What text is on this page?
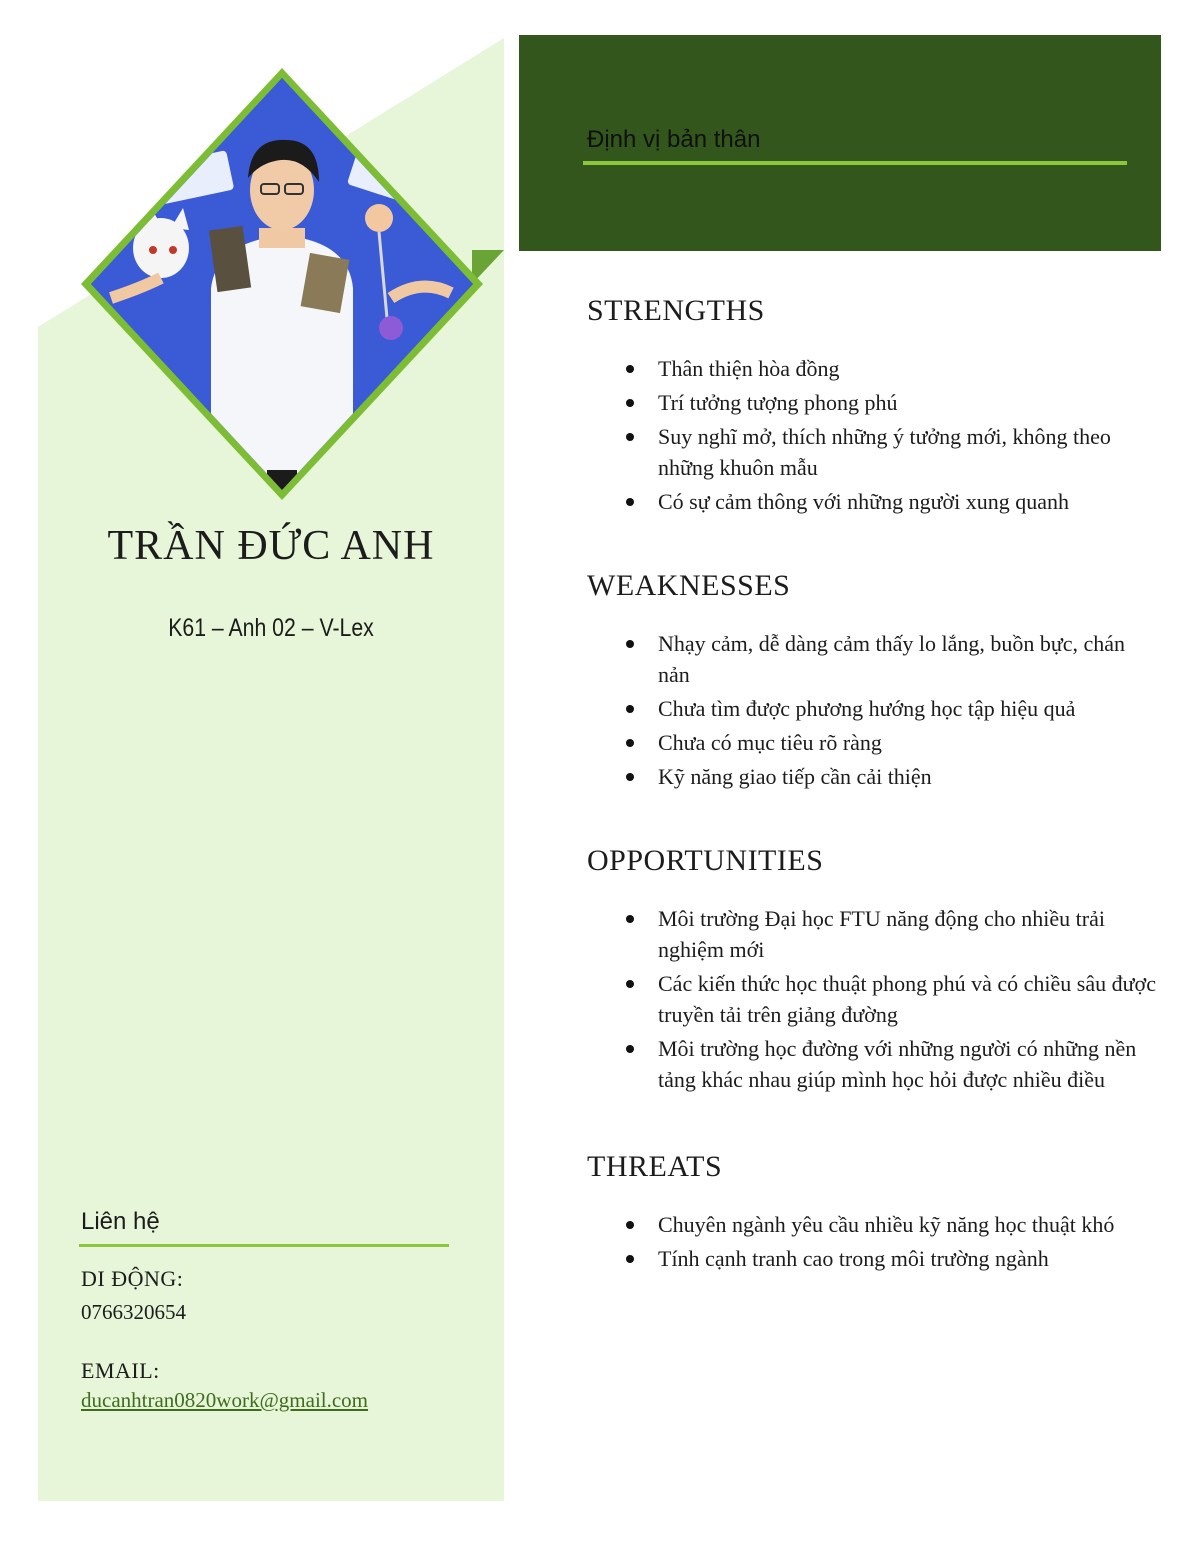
TRẦN ĐỨC ANH
K61 – Anh 02 – V-Lex
Liên hệ
DI ĐỘNG:
0766320654
EMAIL:
ducanhtran0820work@gmail.com
Định vị bản thân
STRENGTHS
Thân thiện hòa đồng
Trí tưởng tượng phong phú
Suy nghĩ mở, thích những ý tưởng mới, không theo những khuôn mẫu
Có sự cảm thông với những người xung quanh
WEAKNESSES
Nhạy cảm, dễ dàng cảm thấy lo lắng, buồn bực, chán nản
Chưa tìm được phương hướng học tập hiệu quả
Chưa có mục tiêu rõ ràng
Kỹ năng giao tiếp cần cải thiện
OPPORTUNITIES
Môi trường Đại học FTU năng động cho nhiều trải nghiệm mới
Các kiến thức học thuật phong phú và có chiều sâu được truyền tải trên giảng đường
Môi trường học đường với những người có những nền tảng khác nhau giúp mình học hỏi được nhiều điều
THREATS
Chuyên ngành yêu cầu nhiều kỹ năng học thuật khó
Tính cạnh tranh cao trong môi trường ngành
